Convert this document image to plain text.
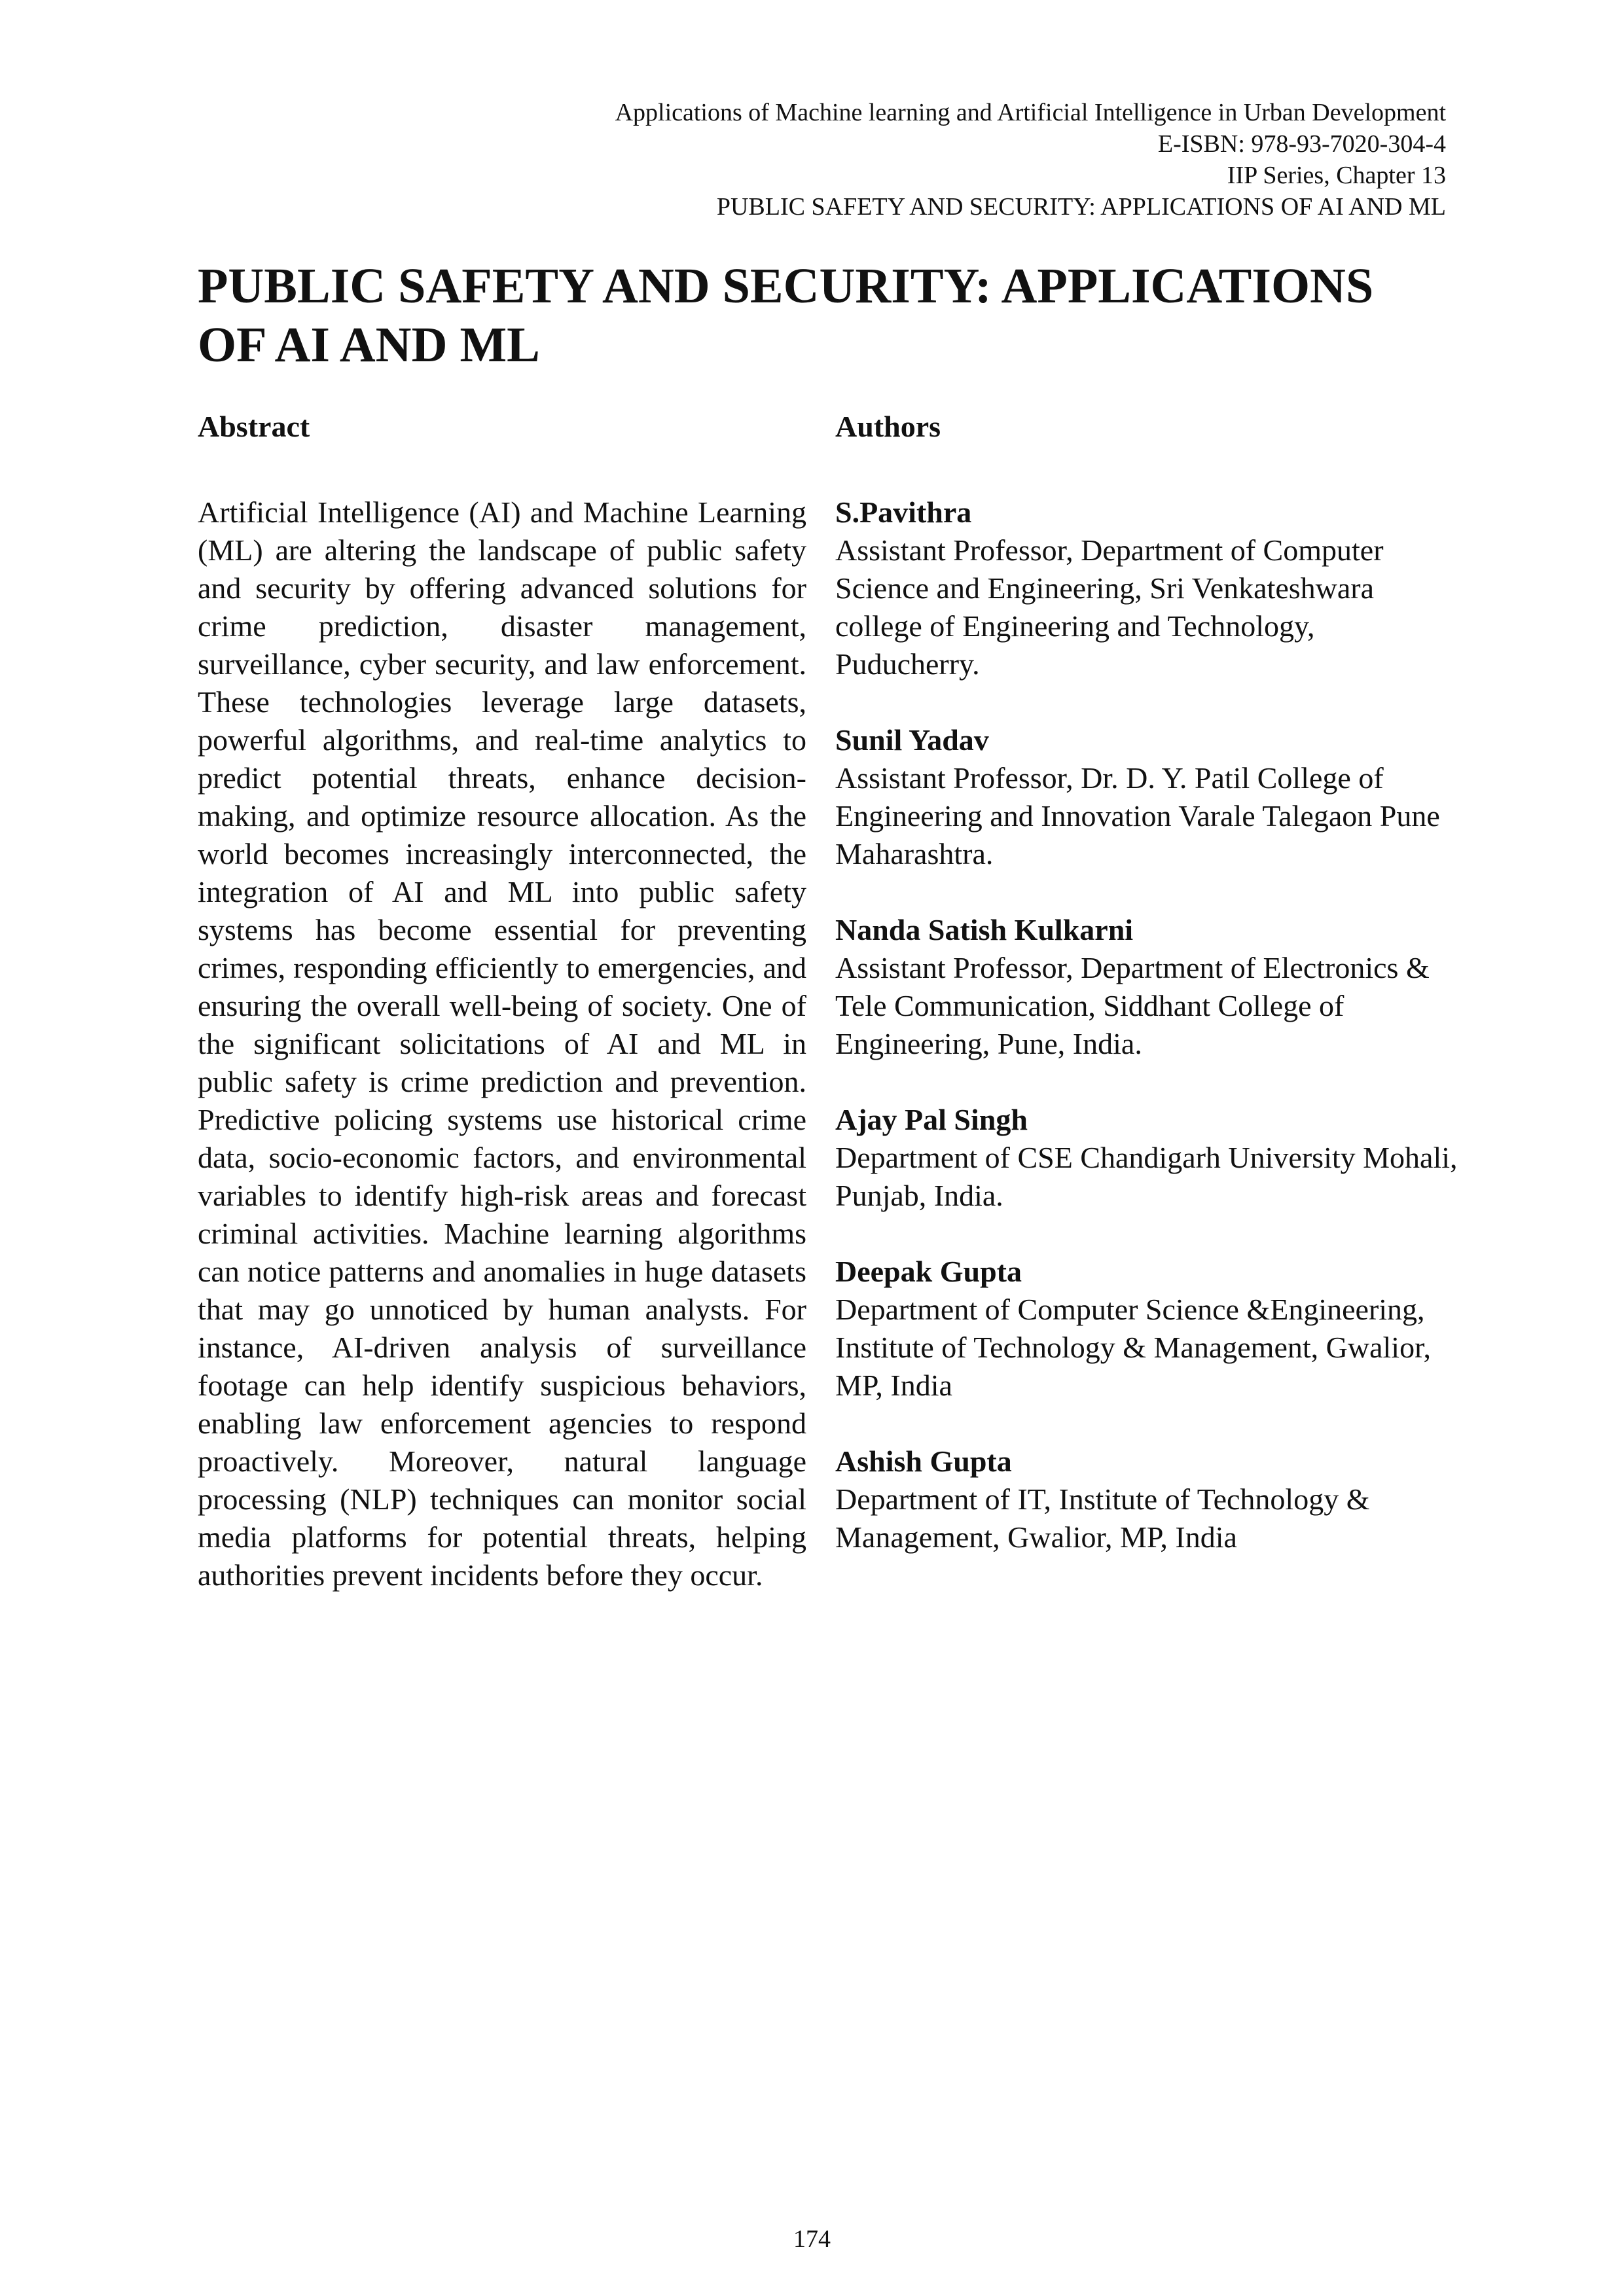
Applications of Machine learning and Artificial Intelligence in Urban Development
E-ISBN: 978-93-7020-304-4
IIP Series, Chapter 13
PUBLIC SAFETY AND SECURITY: APPLICATIONS OF AI AND ML
PUBLIC SAFETY AND SECURITY: APPLICATIONS OF AI AND ML
Abstract

Artificial Intelligence (AI) and Machine Learning (ML) are altering the landscape of public safety and security by offering advanced solutions for crime prediction, disaster management, surveillance, cyber security, and law enforcement. These technologies leverage large datasets, powerful algorithms, and real-time analytics to predict potential threats, enhance decision-making, and optimize resource allocation. As the world becomes increasingly interconnected, the integration of AI and ML into public safety systems has become essential for preventing crimes, responding efficiently to emergencies, and ensuring the overall well-being of society. One of the significant solicitations of AI and ML in public safety is crime prediction and prevention. Predictive policing systems use historical crime data, socio-economic factors, and environmental variables to identify high-risk areas and forecast criminal activities. Machine learning algorithms can notice patterns and anomalies in huge datasets that may go unnoticed by human analysts. For instance, AI-driven analysis of surveillance footage can help identify suspicious behaviors, enabling law enforcement agencies to respond proactively. Moreover, natural language processing (NLP) techniques can monitor social media platforms for potential threats, helping authorities prevent incidents before they occur.

Authors
S.Pavithra
Assistant Professor, Department of Computer Science and Engineering, Sri Venkateshwara college of Engineering and Technology, Puducherry.
Sunil Yadav
Assistant Professor, Dr. D. Y. Patil College of Engineering and Innovation Varale Talegaon Pune Maharashtra.
Nanda Satish Kulkarni
Assistant Professor, Department of Electronics & Tele Communication, Siddhant College of Engineering, Pune, India.
Ajay Pal Singh
Department of CSE Chandigarh University Mohali, Punjab, India.
Deepak Gupta
Department of Computer Science &Engineering, Institute of Technology & Management, Gwalior, MP, India
Ashish Gupta
Department of IT, Institute of Technology & Management, Gwalior, MP, India
174
